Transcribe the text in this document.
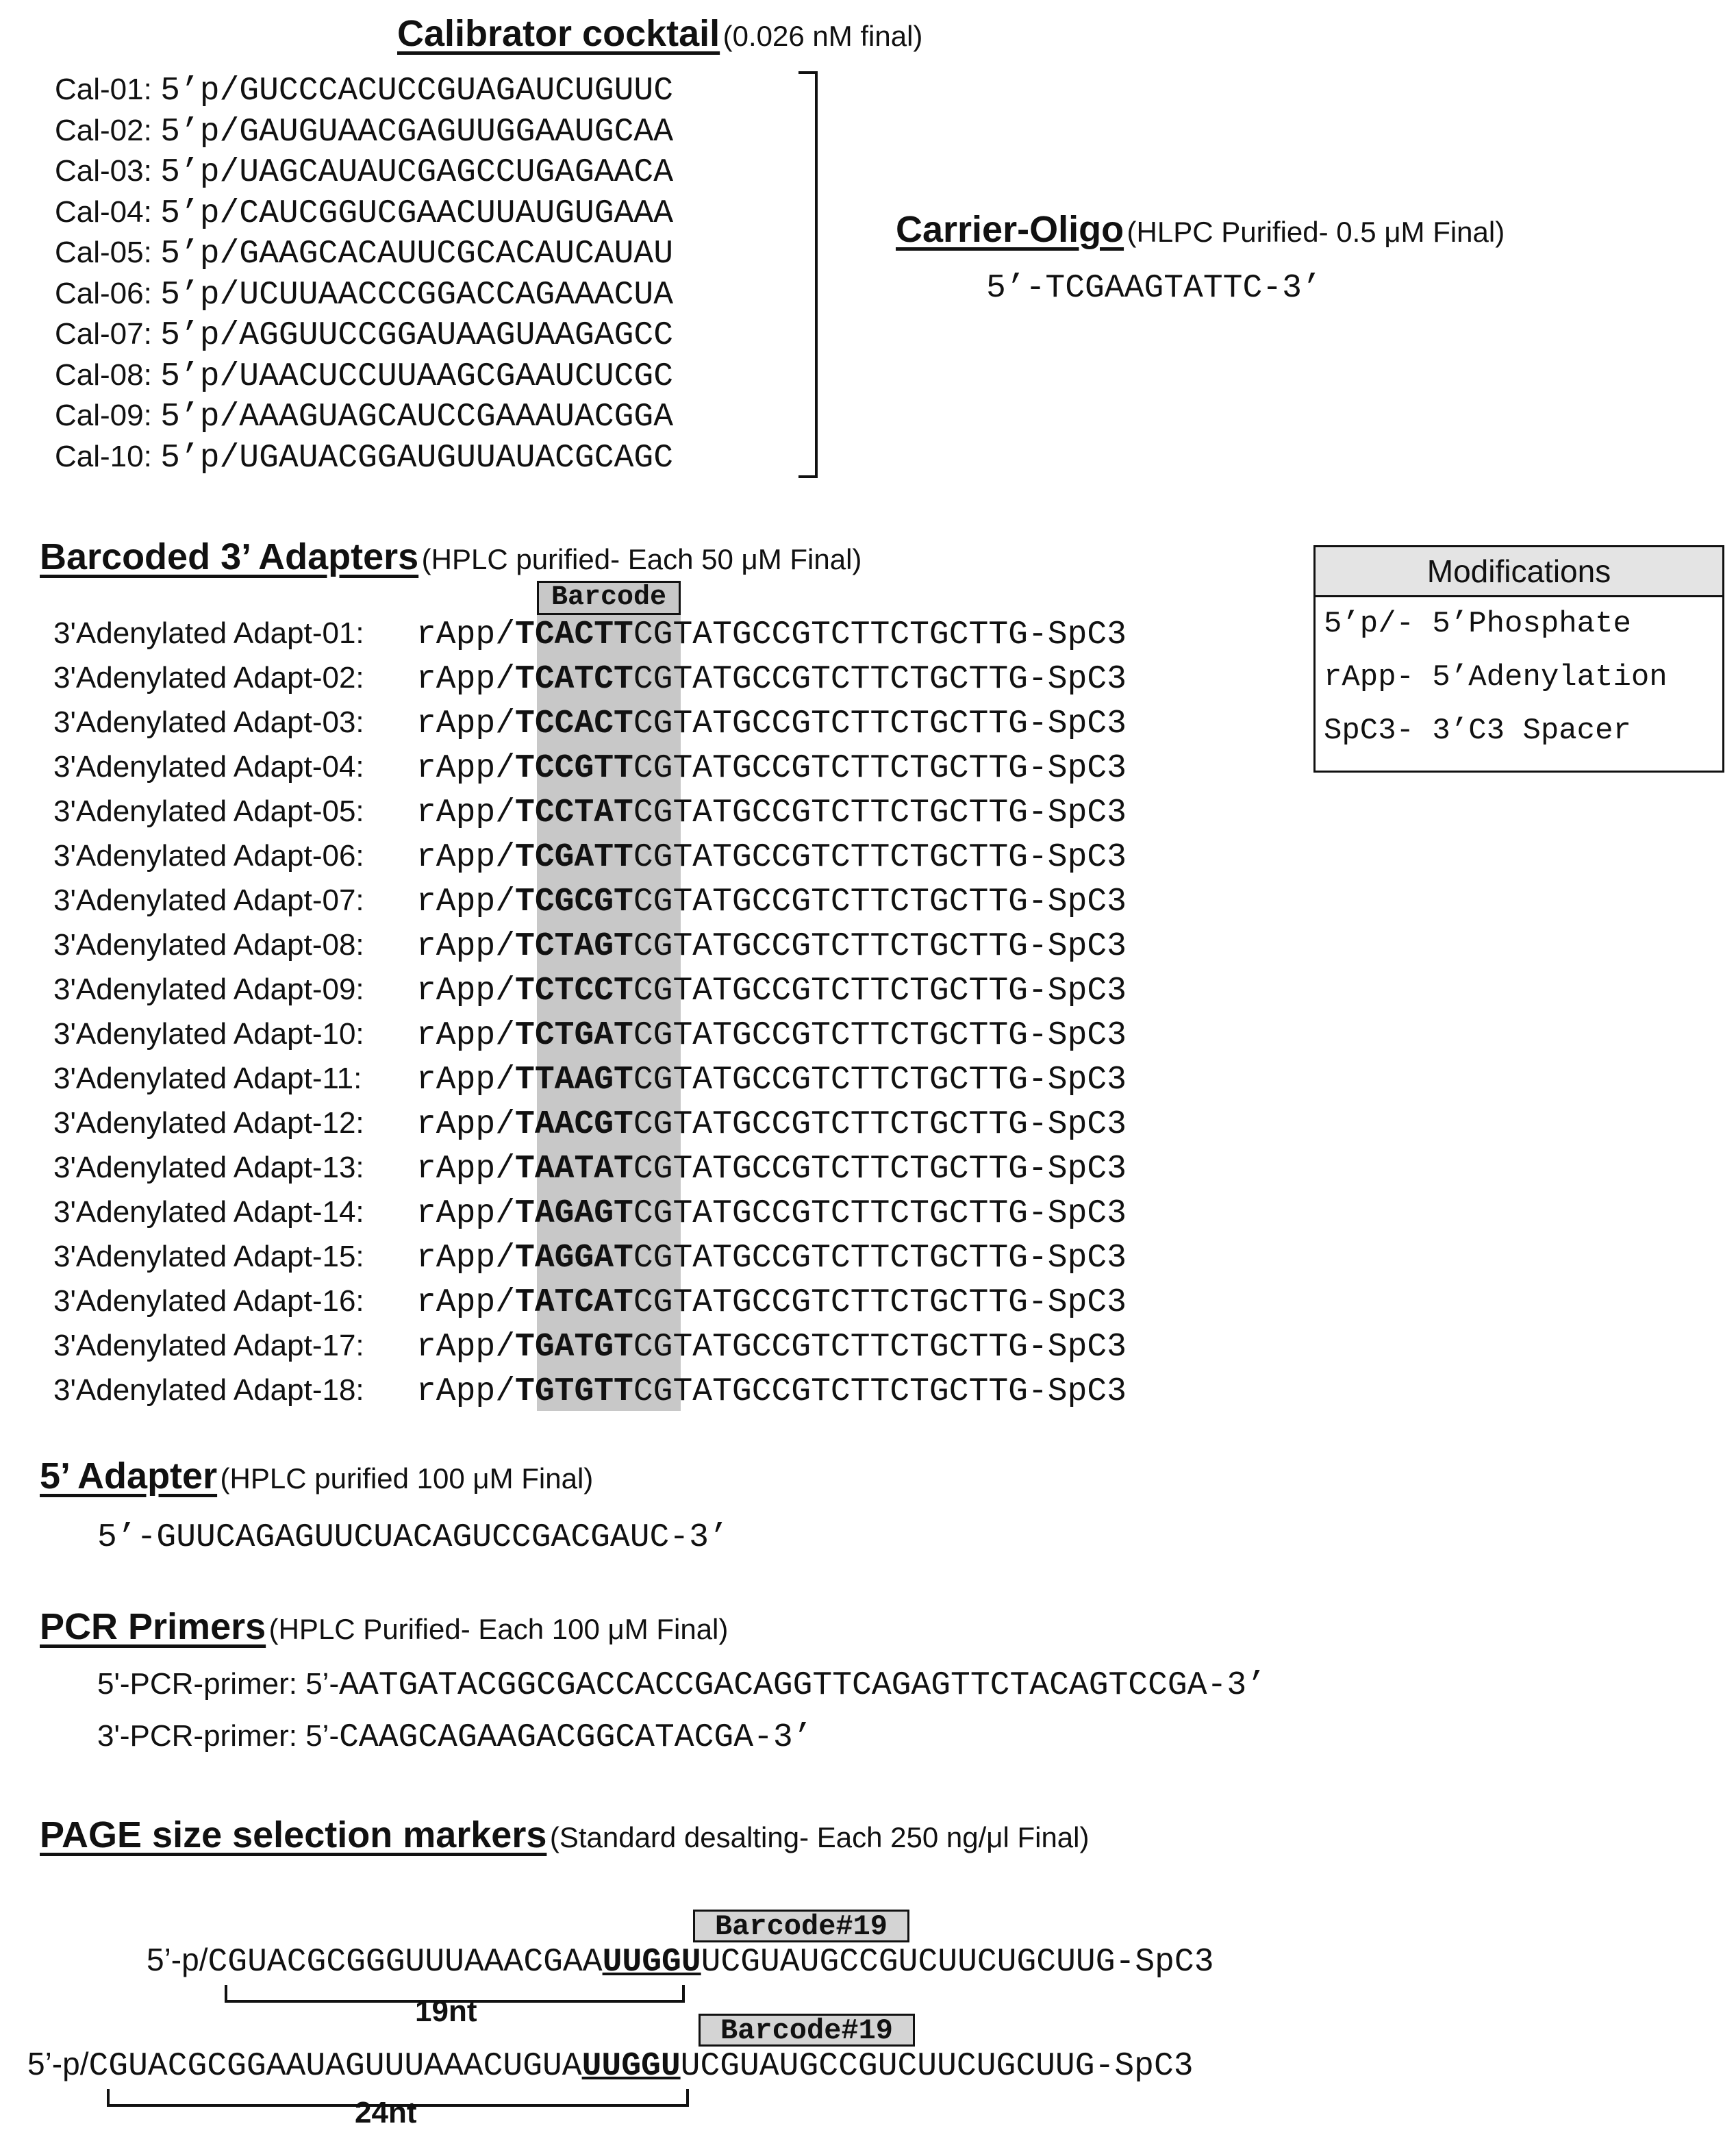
Calibrator cocktail (0.026 nM final)
Cal-01: 5’p/GUCCCACUCCGUAGAUCUGUUC
Cal-02: 5’p/GAUGUAACGAGUUGGAAUGCAA
Cal-03: 5’p/UAGCAUAUCGAGCCUGAGAACA
Cal-04: 5’p/CAUCGGUCGAACUUAUGUGAAA
Cal-05: 5’p/GAAGCACAUUCGCACAUCAUAU
Cal-06: 5’p/UCUUAACCCGGACCAGAAACUA
Cal-07: 5’p/AGGUUCCGGAUAAGUAAGAGCC
Cal-08: 5’p/UAACUCCUUAAGCGAAUCUCGC
Cal-09: 5’p/AAAGUAGCAUCCGAAAUACGGA
Cal-10: 5’p/UGAUACGGAUGUUAUACGCAGC
Carrier-Oligo (HLPC Purified- 0.5 μM Final)
5’-TCGAAGTATTC-3’
Barcoded 3’ Adapters (HPLC purified- Each 50 μM Final)
Barcode
3'Adenylated Adapt-01: rApp/TCACTTCGTATGCCGTCTTCTGCTTG-SpC3
3'Adenylated Adapt-02: rApp/TCATCTCGTATGCCGTCTTCTGCTTG-SpC3
3'Adenylated Adapt-03: rApp/TCCACTCGTATGCCGTCTTCTGCTTG-SpC3
3'Adenylated Adapt-04: rApp/TCCGTTCGTATGCCGTCTTCTGCTTG-SpC3
3'Adenylated Adapt-05: rApp/TCCTATCGTATGCCGTCTTCTGCTTG-SpC3
3'Adenylated Adapt-06: rApp/TCGATTCGTATGCCGTCTTCTGCTTG-SpC3
3'Adenylated Adapt-07: rApp/TCGCGTCGTATGCCGTCTTCTGCTTG-SpC3
3'Adenylated Adapt-08: rApp/TCTAGTCGTATGCCGTCTTCTGCTTG-SpC3
3'Adenylated Adapt-09: rApp/TCTCCTCGTATGCCGTCTTCTGCTTG-SpC3
3'Adenylated Adapt-10: rApp/TCTGATCGTATGCCGTCTTCTGCTTG-SpC3
3'Adenylated Adapt-11: rApp/TTAAGTCGTATGCCGTCTTCTGCTTG-SpC3
3'Adenylated Adapt-12: rApp/TAACGTCGTATGCCGTCTTCTGCTTG-SpC3
3'Adenylated Adapt-13: rApp/TAATATCGTATGCCGTCTTCTGCTTG-SpC3
3'Adenylated Adapt-14: rApp/TAGAGTCGTATGCCGTCTTCTGCTTG-SpC3
3'Adenylated Adapt-15: rApp/TAGGATCGTATGCCGTCTTCTGCTTG-SpC3
3'Adenylated Adapt-16: rApp/TATCATCGTATGCCGTCTTCTGCTTG-SpC3
3'Adenylated Adapt-17: rApp/TGATGTCGTATGCCGTCTTCTGCTTG-SpC3
3'Adenylated Adapt-18: rApp/TGTGTTCGTATGCCGTCTTCTGCTTG-SpC3
Modifications
5’p/- 5’Phosphate
rApp- 5’Adenylation
SpC3- 3’C3 Spacer
5’ Adapter (HPLC purified 100 μM Final)
5’-GUUCAGAGUUCUACAGUCCGACGAUC-3’
PCR Primers (HPLC Purified- Each 100 μM Final)
5'-PCR-primer: 5’-AATGATACGGCGACCACCGACAGGTTCAGAGTTCTACAGTCCGA-3’
3'-PCR-primer: 5’-CAAGCAGAAGACGGCATACGA-3’
PAGE size selection markers (Standard desalting- Each 250 ng/μl Final)
Barcode#19
5’-p/CGUACGCGGGUUUAAACGAAUUGGUUCGUAUGCCGUCUUCUGCUUG-SpC3
19nt
Barcode#19
5’-p/CGUACGCGGAAUAGUUUAAACUGUAUUGGUUCGUAUGCCGUCUUCUGCUUG-SpC3
24nt
